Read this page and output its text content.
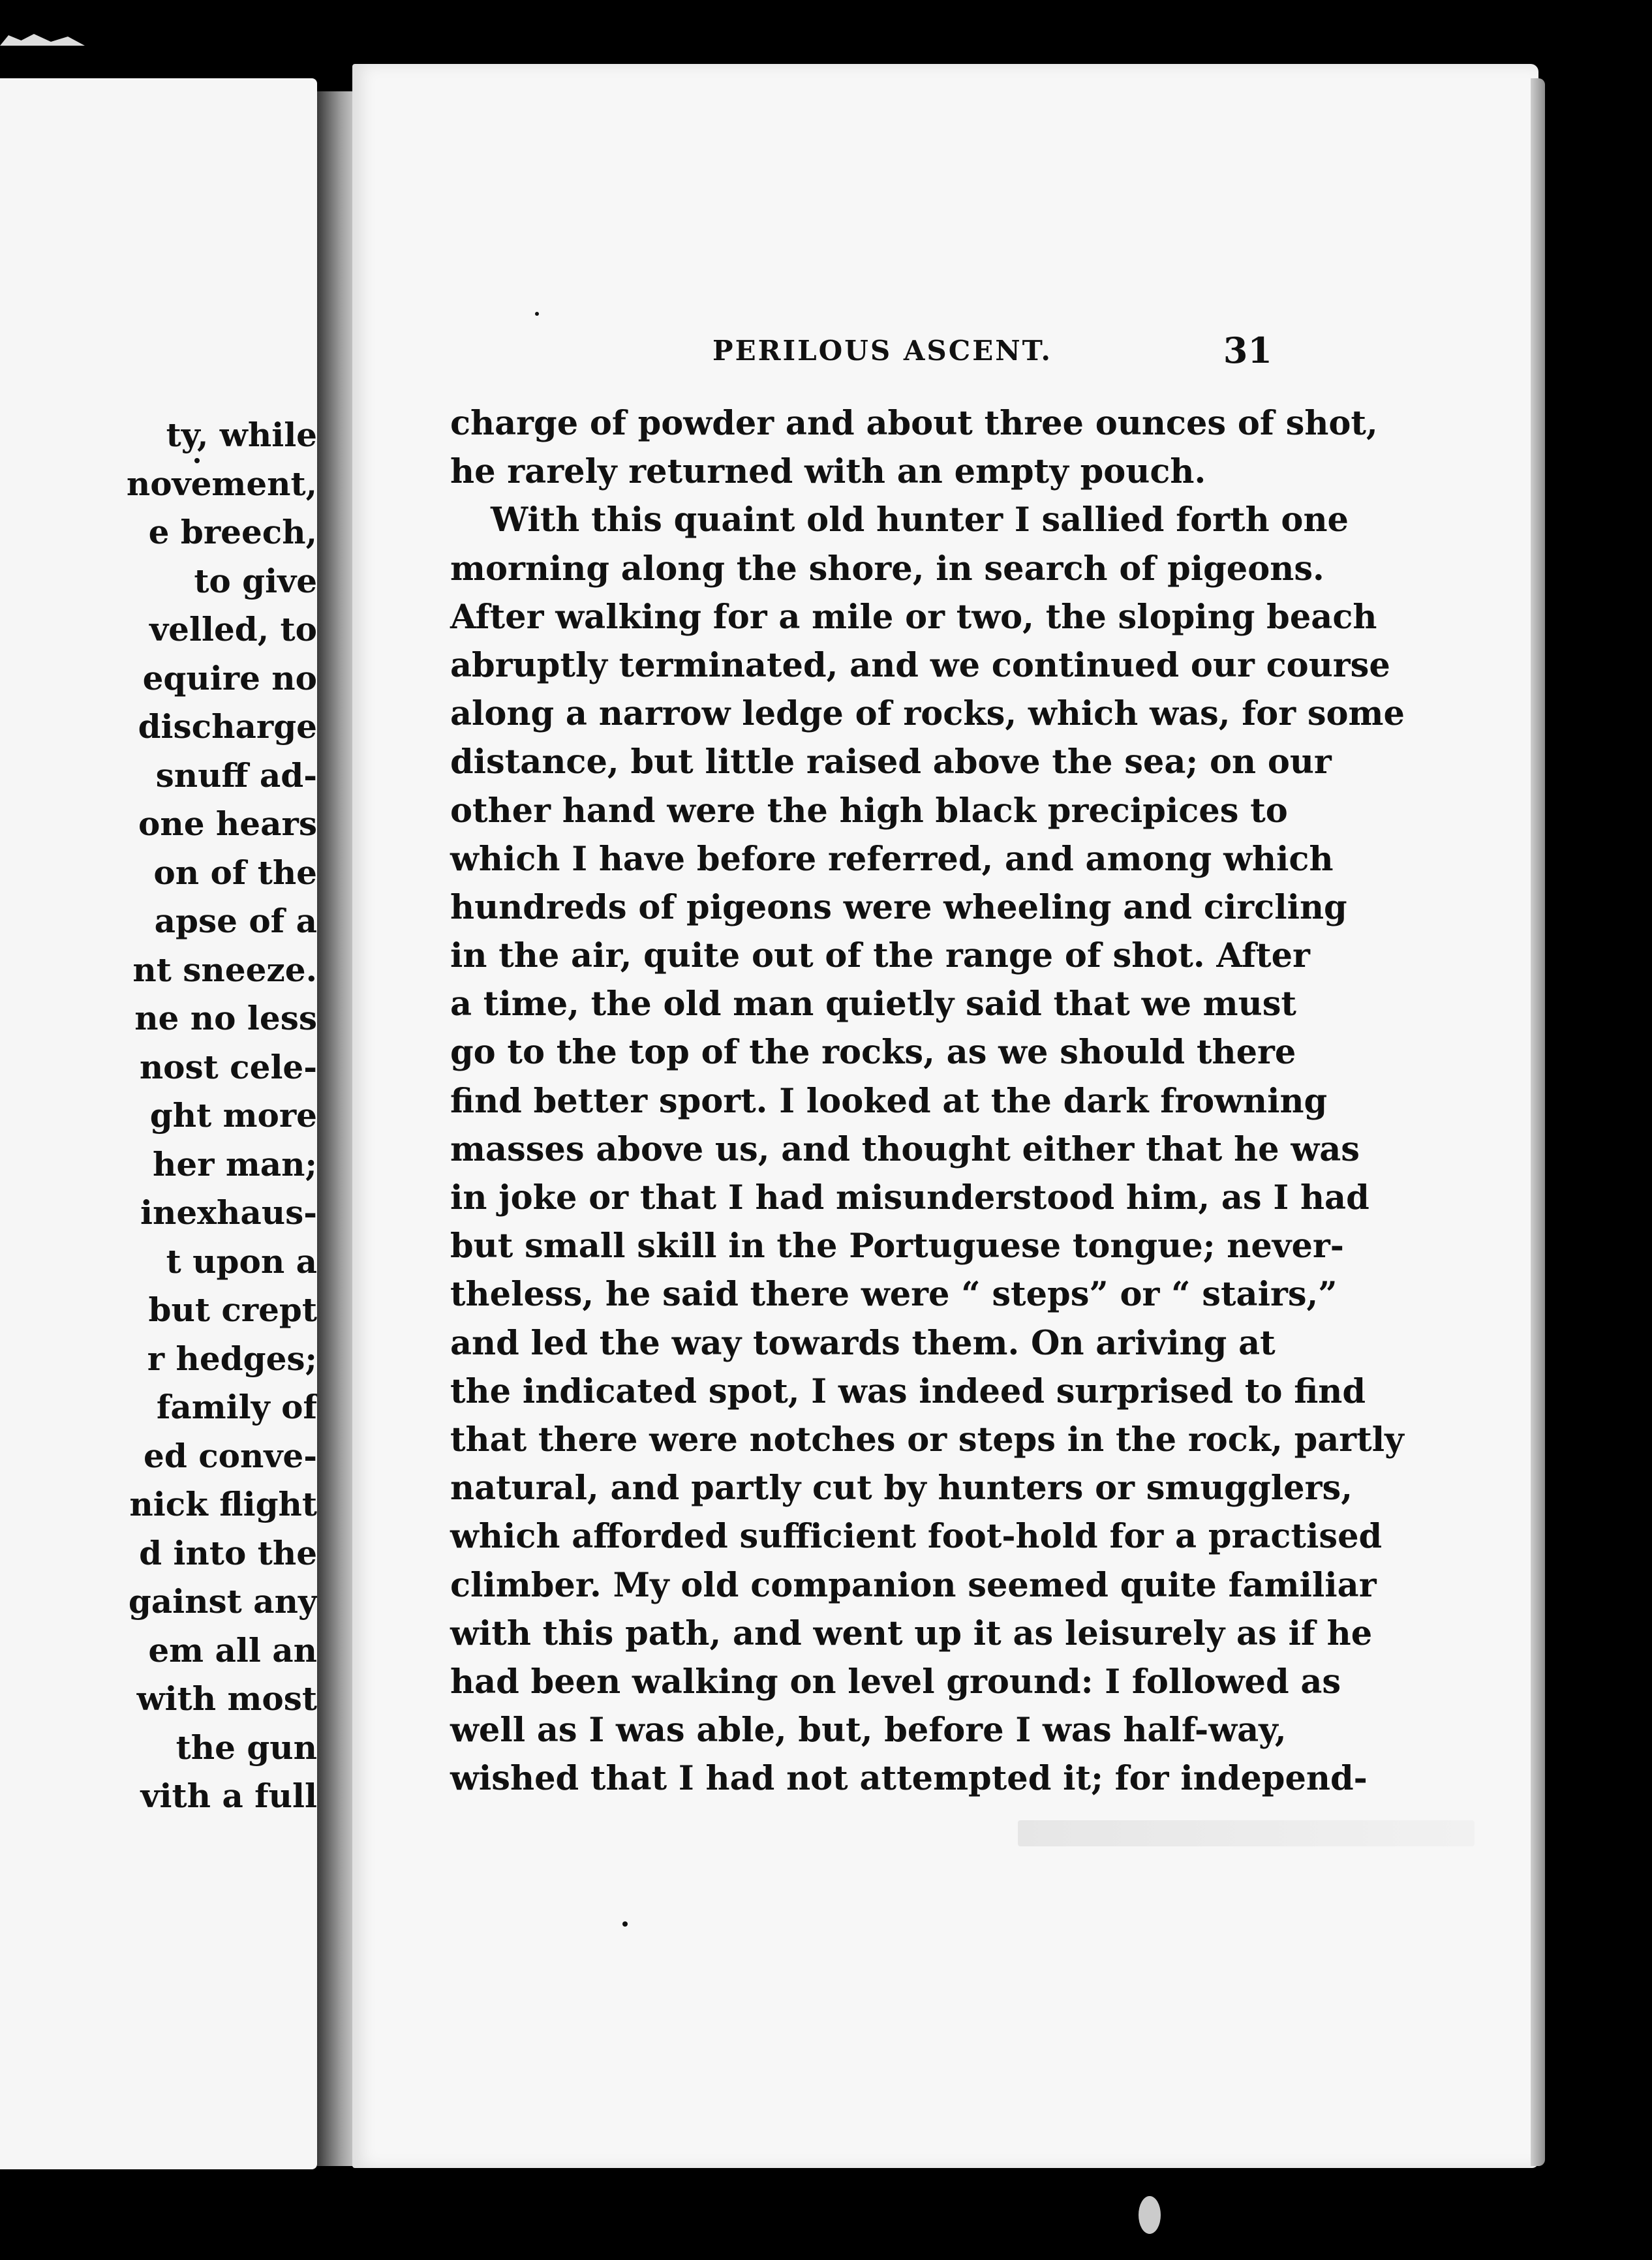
ty, while
novement,
e breech,
to give
velled, to
equire no
discharge
snuff ad-
one hears
on of the
apse of a
nt sneeze.
ne no less
nost cele-
ght more
her man;
inexhaus-
t upon a
but crept
r hedges;
family of
ed conve-
nick flight
d into the
gainst any
em all an
with most
the gun
vith a full
PERILOUS ASCENT.	31
charge of powder and about three ounces of shot,
he rarely returned with an empty pouch.
With this quaint old hunter I sallied forth one
morning along the shore, in search of pigeons.
After walking for a mile or two, the sloping beach
abruptly terminated, and we continued our course
along a narrow ledge of rocks, which was, for some
distance, but little raised above the sea; on our
other hand were the high black precipices to
which I have before referred, and among which
hundreds of pigeons were wheeling and circling
in the air, quite out of the range of shot. After
a time, the old man quietly said that we must
go to the top of the rocks, as we should there
find better sport. I looked at the dark frowning
masses above us, and thought either that he was
in joke or that I had misunderstood him, as I had
but small skill in the Portuguese tongue; never-
theless, he said there were “ steps” or “ stairs,”
and led the way towards them. On ariving at
the indicated spot, I was indeed surprised to find
that there were notches or steps in the rock, partly
natural, and partly cut by hunters or smugglers,
which afforded sufficient foot-hold for a practised
climber. My old companion seemed quite familiar
with this path, and went up it as leisurely as if he
had been walking on level ground: I followed as
well as I was able, but, before I was half-way,
wished that I had not attempted it; for independ-
